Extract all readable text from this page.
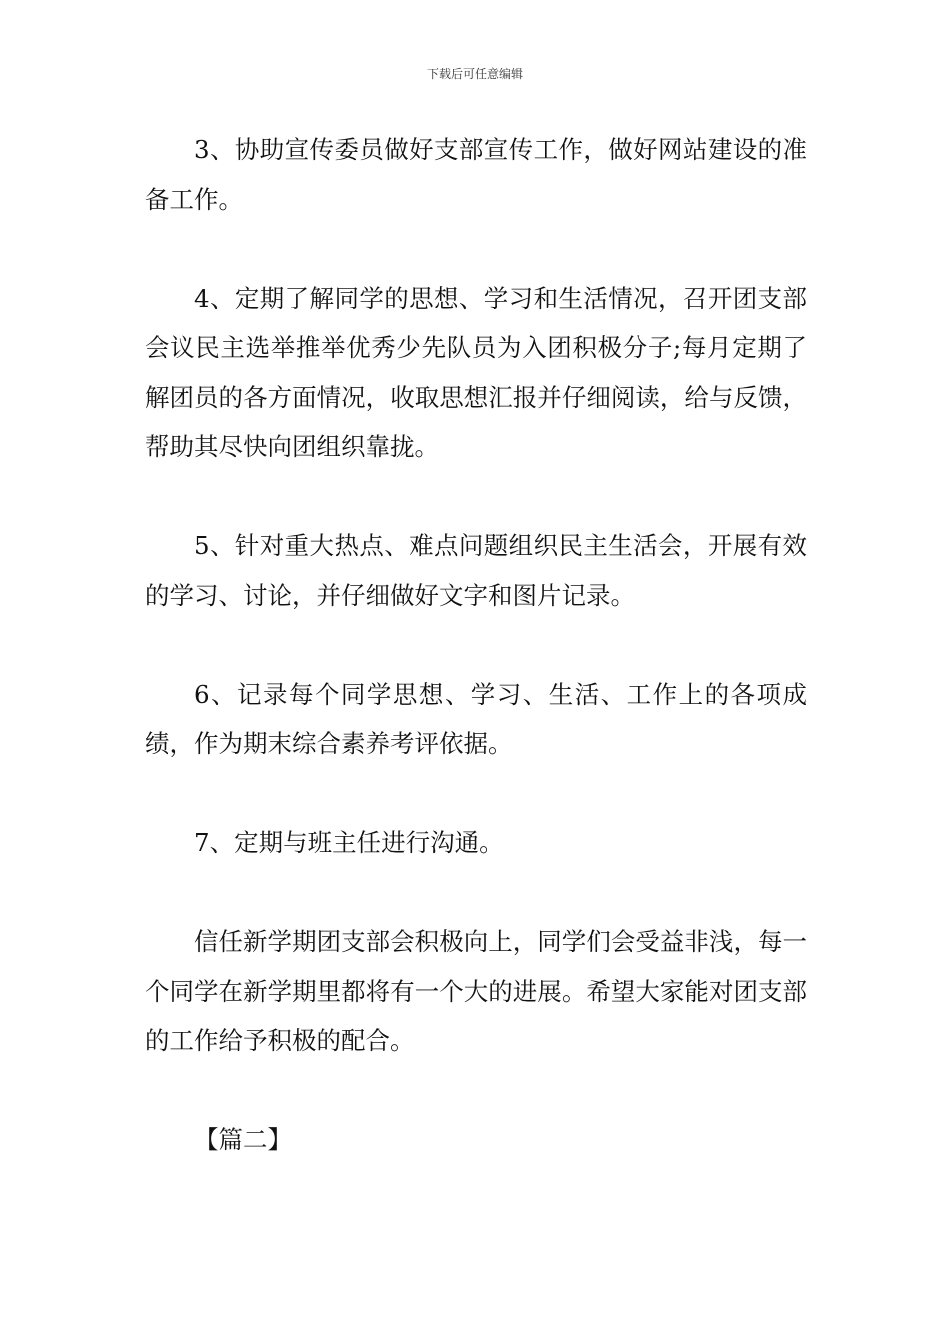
下载后可任意编辑

3、协助宣传委员做好支部宣传工作，做好网站建设的准备工作。

4、定期了解同学的思想、学习和生活情况，召开团支部会议民主选举推举优秀少先队员为入团积极分子;每月定期了解团员的各方面情况，收取思想汇报并仔细阅读，给与反馈，帮助其尽快向团组织靠拢。

5、针对重大热点、难点问题组织民主生活会，开展有效的学习、讨论，并仔细做好文字和图片记录。

6、记录每个同学思想、学习、生活、工作上的各项成绩，作为期末综合素养考评依据。

7、定期与班主任进行沟通。

信任新学期团支部会积极向上，同学们会受益非浅，每一个同学在新学期里都将有一个大的进展。希望大家能对团支部的工作给予积极的配合。

【篇二】
